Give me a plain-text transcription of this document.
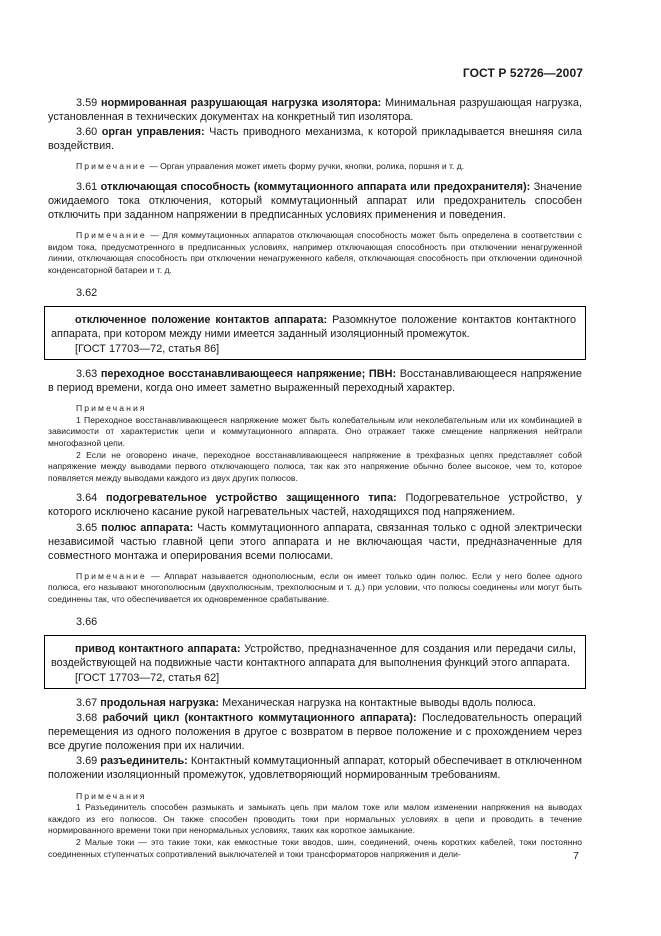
ГОСТ Р 52726—2007

3.59 нормированная разрушающая нагрузка изолятора: Минимальная разрушающая нагрузка, установленная в технических документах на конкретный тип изолятора.

3.60 орган управления: Часть приводного механизма, к которой прикладывается внешняя сила воздействия.

Примечание — Орган управления может иметь форму ручки, кнопки, ролика, поршня и т. д.

3.61 отключающая способность (коммутационного аппарата или предохранителя): Значение ожидаемого тока отключения, который коммутационный аппарат или предохранитель способен отключить при заданном напряжении в предписанных условиях применения и поведения.

Примечание — Для коммутационных аппаратов отключающая способность может быть определена в соответствии с видом тока, предусмотренного в предписанных условиях, например отключающая способность при отключении ненагруженной линии, отключающая способность при отключении ненагруженного кабеля, отключающая способность при отключении одиночной конденсаторной батареи и т. д.

3.62

отключенное положение контактов аппарата: Разомкнутое положение контактов контактного аппарата, при котором между ними имеется заданный изоляционный промежуток.

[ГОСТ 17703—72, статья 86]

3.63 переходное восстанавливающееся напряжение; ПВН: Восстанавливающееся напряжение в период времени, когда оно имеет заметно выраженный переходный характер.

Примечания

1 Переходное восстанавливающееся напряжение может быть колебательным или неколебательным или их комбинацией в зависимости от характеристик цепи и коммутационного аппарата. Оно отражает также смещение напряжения нейтрали многофазной цепи.

2 Если не оговорено иначе, переходное восстанавливающееся напряжение в трехфазных цепях представляет собой напряжение между выводами первого отключающего полюса, так как это напряжение обычно более высокое, чем то, которое появляется между выводами каждого из двух других полюсов.

3.64 подогревательное устройство защищенного типа: Подогревательное устройство, у которого исключено касание рукой нагревательных частей, находящихся под напряжением.

3.65 полюс аппарата: Часть коммутационного аппарата, связанная только с одной электрически независимой частью главной цепи этого аппарата и не включающая части, предназначенные для совместного монтажа и оперирования всеми полюсами.

Примечание — Аппарат называется однополюсным, если он имеет только один полюс. Если у него более одного полюса, его называют многополюсным (двухполюсным, трехполюсным и т. д.) при условии, что полюсы соединены или могут быть соединены так, что обеспечивается их одновременное срабатывание.

3.66

привод контактного аппарата: Устройство, предназначенное для создания или передачи силы, воздействующей на подвижные части контактного аппарата для выполнения функций этого аппарата.

[ГОСТ 17703—72, статья 62]

3.67 продольная нагрузка: Механическая нагрузка на контактные выводы вдоль полюса.

3.68 рабочий цикл (контактного коммутационного аппарата): Последовательность операций перемещения из одного положения в другое с возвратом в первое положение и с прохождением через все другие положения при их наличии.

3.69 разъединитель: Контактный коммутационный аппарат, который обеспечивает в отключенном положении изоляционный промежуток, удовлетворяющий нормированным требованиям.

Примечания

1 Разъединитель способен размыкать и замыкать цепь при малом токе или малом изменении напряжения на выводах каждого из его полюсов. Он также способен проводить токи при нормальных условиях в цепи и проводить в течение нормированного времени токи при ненормальных условиях, таких как короткое замыкание.

2 Малые токи — это такие токи, как емкостные токи вводов, шин, соединений, очень коротких кабелей, токи постоянно соединенных ступенчатых сопротивлений выключателей и токи трансформаторов напряжения и дели-	7
